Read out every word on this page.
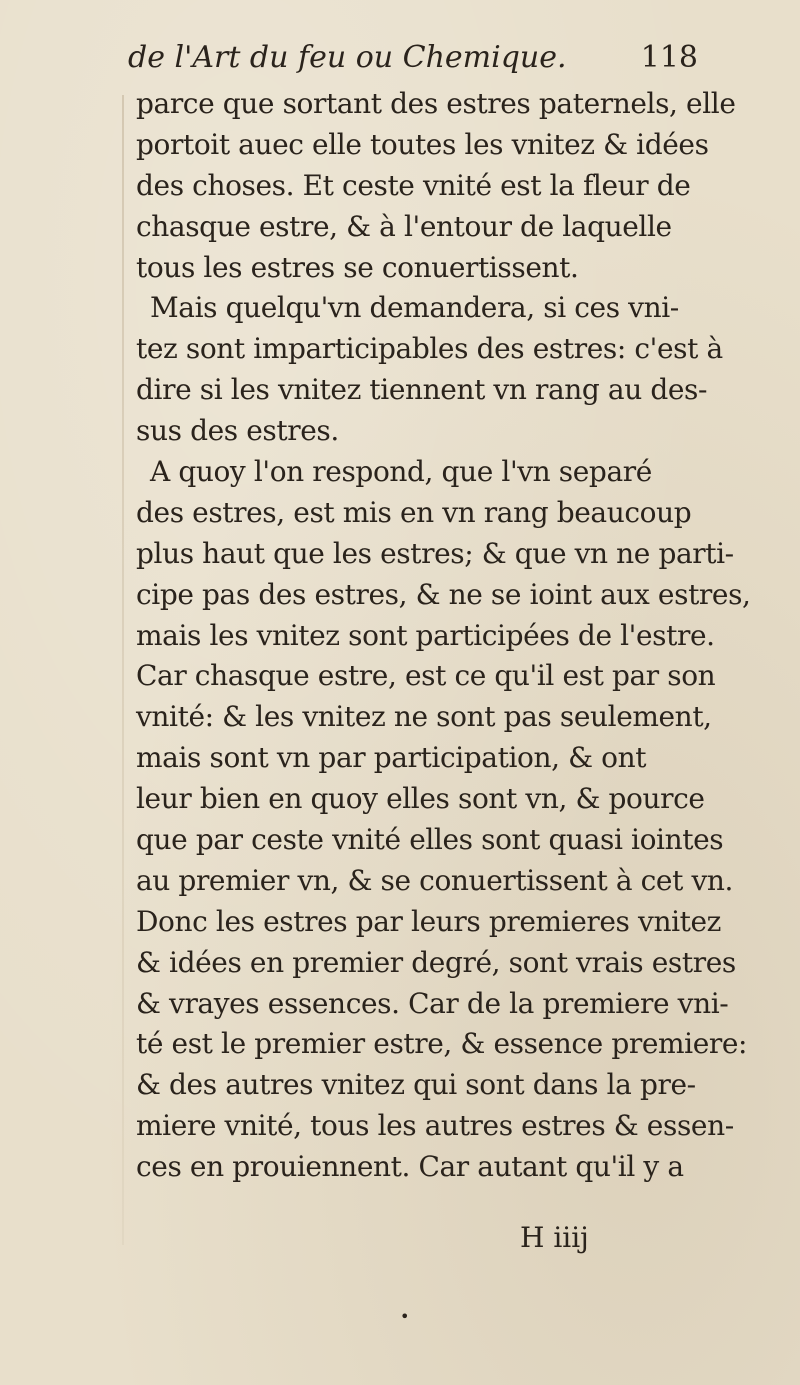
de l'Art du feu ou Chemique. 118
parce que sortant des estres paternels, elle
portoit auec elle toutes les vnitez & idées
des choses. Et ceste vnité est la fleur de
chasque estre, & à l'entour de laquelle
tous les estres se conuertissent.
Mais quelqu'vn demandera, si ces vni-
tez sont imparticipables des estres: c'est à
dire si les vnitez tiennent vn rang au des-
sus des estres.
A quoy l'on respond, que l'vn separé
des estres, est mis en vn rang beaucoup
plus haut que les estres; & que vn ne parti-
cipe pas des estres, & ne se ioint aux estres,
mais les vnitez sont participées de l'estre.
Car chasque estre, est ce qu'il est par son
vnité: & les vnitez ne sont pas seulement,
mais sont vn par participation, & ont
leur bien en quoy elles sont vn, & pource
que par ceste vnité elles sont quasi iointes
au premier vn, & se conuertissent à cet vn.
Donc les estres par leurs premieres vnitez
& idées en premier degré, sont vrais estres
& vrayes essences. Car de la premiere vni-
té est le premier estre, & essence premiere:
& des autres vnitez qui sont dans la pre-
miere vnité, tous les autres estres & essen-
ces en prouiennent. Car autant qu'il y a
H iiij
•
